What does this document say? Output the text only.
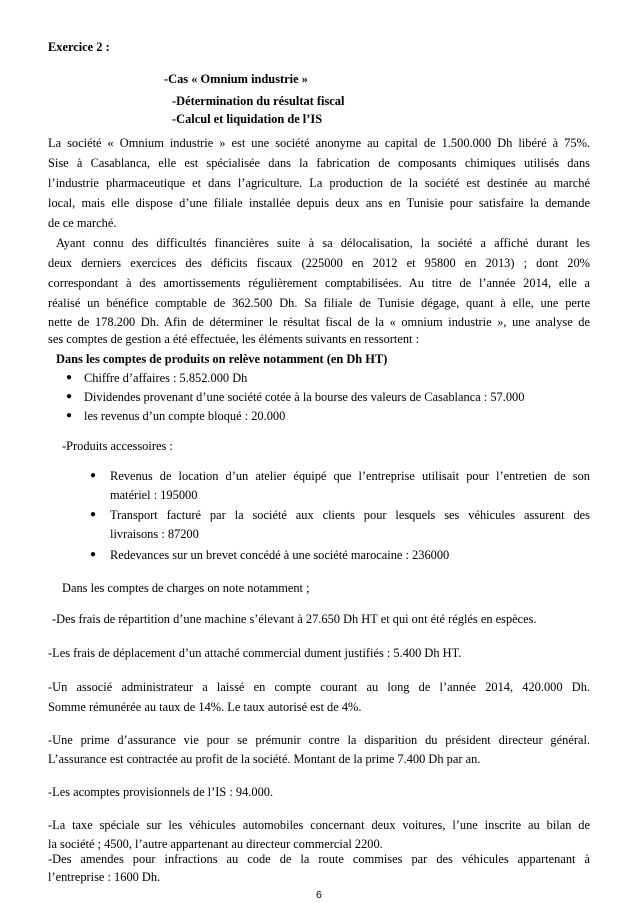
Exercice 2 :
-Cas « Omnium industrie »
-Détermination du résultat fiscal
-Calcul et liquidation de l’IS
La société « Omnium industrie » est une société anonyme au capital de 1.500.000 Dh libéré à 75%.
Sise à Casablanca, elle est spécialisée dans la fabrication de composants chimiques utilisés dans
l’industrie pharmaceutique et dans l’agriculture. La production de la société est destinée au marché
local, mais elle dispose d’une filiale installée depuis deux ans en Tunisie pour satisfaire la demande
de ce marché.
Ayant connu des difficultés financières suite à sa délocalisation, la société a affiché durant les
deux derniers exercices des déficits fiscaux (225000 en 2012 et 95800 en 2013) ; dont 20%
correspondant à des amortissements régulièrement comptabilisées. Au titre de l’année 2014, elle a
réalisé un bénéfice comptable de 362.500 Dh. Sa filiale de Tunisie dégage, quant à elle, une perte
nette de 178.200 Dh. Afin de déterminer le résultat fiscal de la « omnium industrie », une analyse de
ses comptes de gestion a été effectuée, les éléments suivants en ressortent :
Dans les comptes de produits on relève notamment (en Dh HT)
● Chiffre d’affaires : 5.852.000 Dh
● Dividendes provenant d’une société cotée à la bourse des valeurs de Casablanca : 57.000
● les revenus d’un compte bloqué : 20.000
-Produits accessoires :
● Revenus de location d’un atelier équipé que l’entreprise utilisait pour l’entretien de son
matériel : 195000
● Transport facturé par la société aux clients pour lesquels ses véhicules assurent des
livraisons : 87200
● Redevances sur un brevet concédé à une société marocaine : 236000
Dans les comptes de charges on note notamment ;
-Des frais de répartition d’une machine s’élevant à 27.650 Dh HT et qui ont été réglés en espèces.
-Les frais de déplacement d’un attaché commercial dument justifiés : 5.400 Dh HT.
-Un associé administrateur a laissé en compte courant au long de l’année 2014, 420.000 Dh.
Somme rémunérée au taux de 14%. Le taux autorisé est de 4%.
-Une prime d’assurance vie pour se prémunir contre la disparition du président directeur général.
L’assurance est contractée au profit de la société. Montant de la prime 7.400 Dh par an.
-Les acomptes provisionnels de l’IS : 94.000.
-La taxe spéciale sur les véhicules automobiles concernant deux voitures, l’une inscrite au bilan de
la société ; 4500, l’autre appartenant au directeur commercial 2200.
-Des amendes pour infractions au code de la route commises par des véhicules appartenant à
l’entreprise : 1600 Dh.
6
